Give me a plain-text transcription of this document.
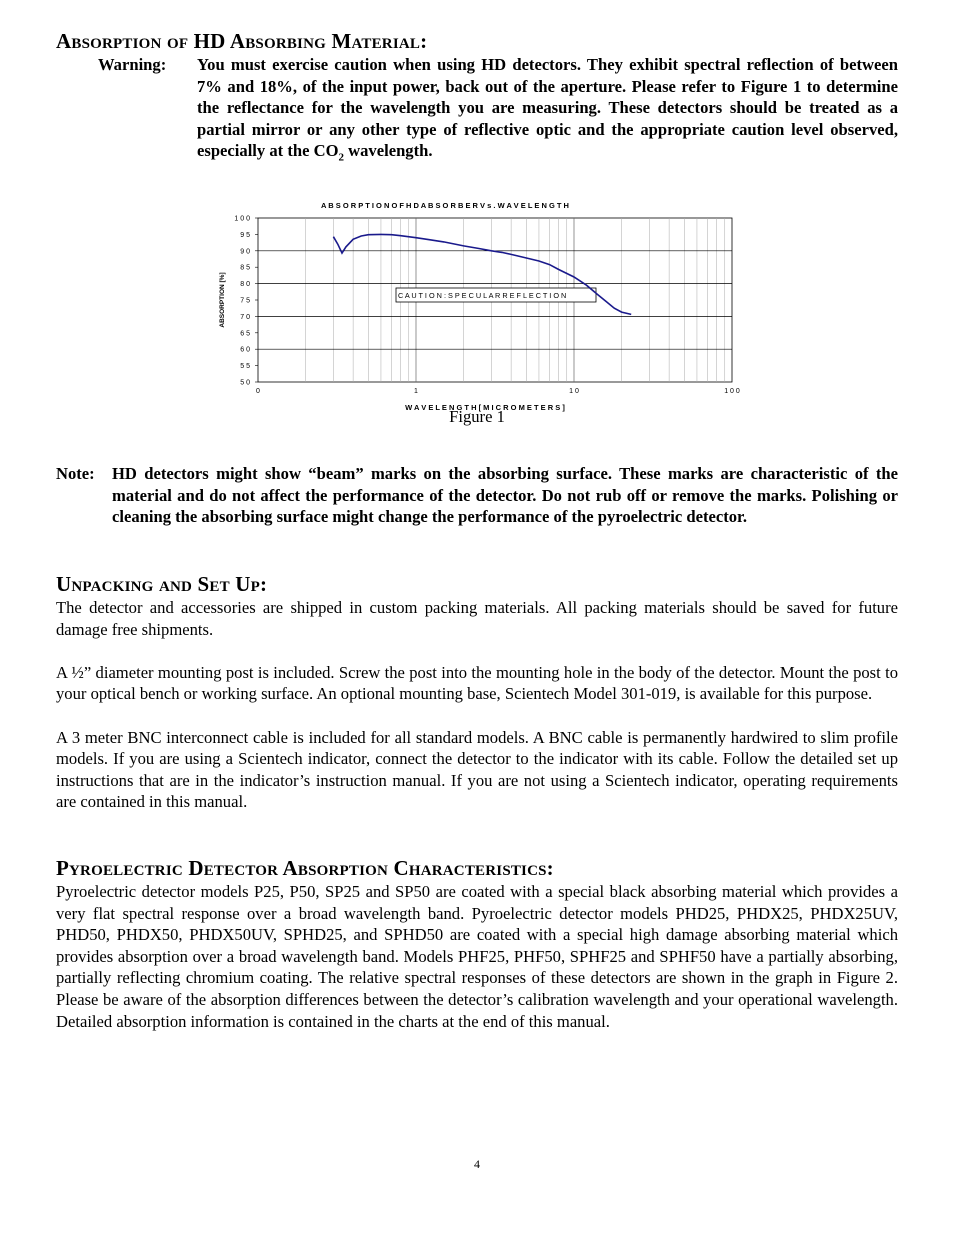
Absorption of HD Absorbing Material:
Warning:	You must exercise caution when using HD detectors. They exhibit spectral reflection of between 7% and 18%, of the input power, back out of the aperture. Please refer to Figure 1 to determine the reflectance for the wavelength you are measuring. These detectors should be treated as a partial mirror or any other type of reflective optic and the appropriate caution level observed, especially at the $CO_2$ wavelength.
1 0 0
9 5
9 0
8 5
8 0
7 5
7 0
6 5
6 0
5 5
5 0
0	1	1 0	1 0 0
A B S O R P T I O N O F H D A B S O R B E R V s . W A V E L E N G T H
W A V E L E N G T H [ M I C R O M E T E R S ]
ABSORPTION [%]	C A U T I O N : S P E C U L A R R E F L E C T I O N
Figure 1
Note:	HD detectors might show “beam” marks on the absorbing surface. These marks are characteristic of the material and do not affect the performance of the detector. Do not rub off or remove the marks. Polishing or cleaning the absorbing surface might change the performance of the pyroelectric detector.
Unpacking and Set Up:

The detector and accessories are shipped in custom packing materials. All packing materials should be saved for future damage free shipments.

A ½” diameter mounting post is included. Screw the post into the mounting hole in the body of the detector. Mount the post to your optical bench or working surface. An optional mounting base, Scientech Model 301-019, is available for this purpose.

A 3 meter BNC interconnect cable is included for all standard models. A BNC cable is permanently hardwired to slim profile models. If you are using a Scientech indicator, connect the detector to the indicator with its cable. Follow the detailed set up instructions that are in the indicator’s instruction manual. If you are not using a Scientech indicator, operating requirements are contained in this manual.

Pyroelectric Detector Absorption Characteristics:

Pyroelectric detector models P25, P50, SP25 and SP50 are coated with a special black absorbing material which provides a very flat spectral response over a broad wavelength band. Pyroelectric detector models PHD25, PHDX25, PHDX25UV, PHD50, PHDX50, PHDX50UV, SPHD25, and SPHD50 are coated with a special high damage absorbing material which provides absorption over a broad wavelength band. Models PHF25, PHF50, SPHF25 and SPHF50 have a partially absorbing, partially reflecting chromium coating. The relative spectral responses of these detectors are shown in the graph in Figure 2. Please be aware of the absorption differences between the detector’s calibration wavelength and your operational wavelength. Detailed absorption information is contained in the charts at the end of this manual.

4
